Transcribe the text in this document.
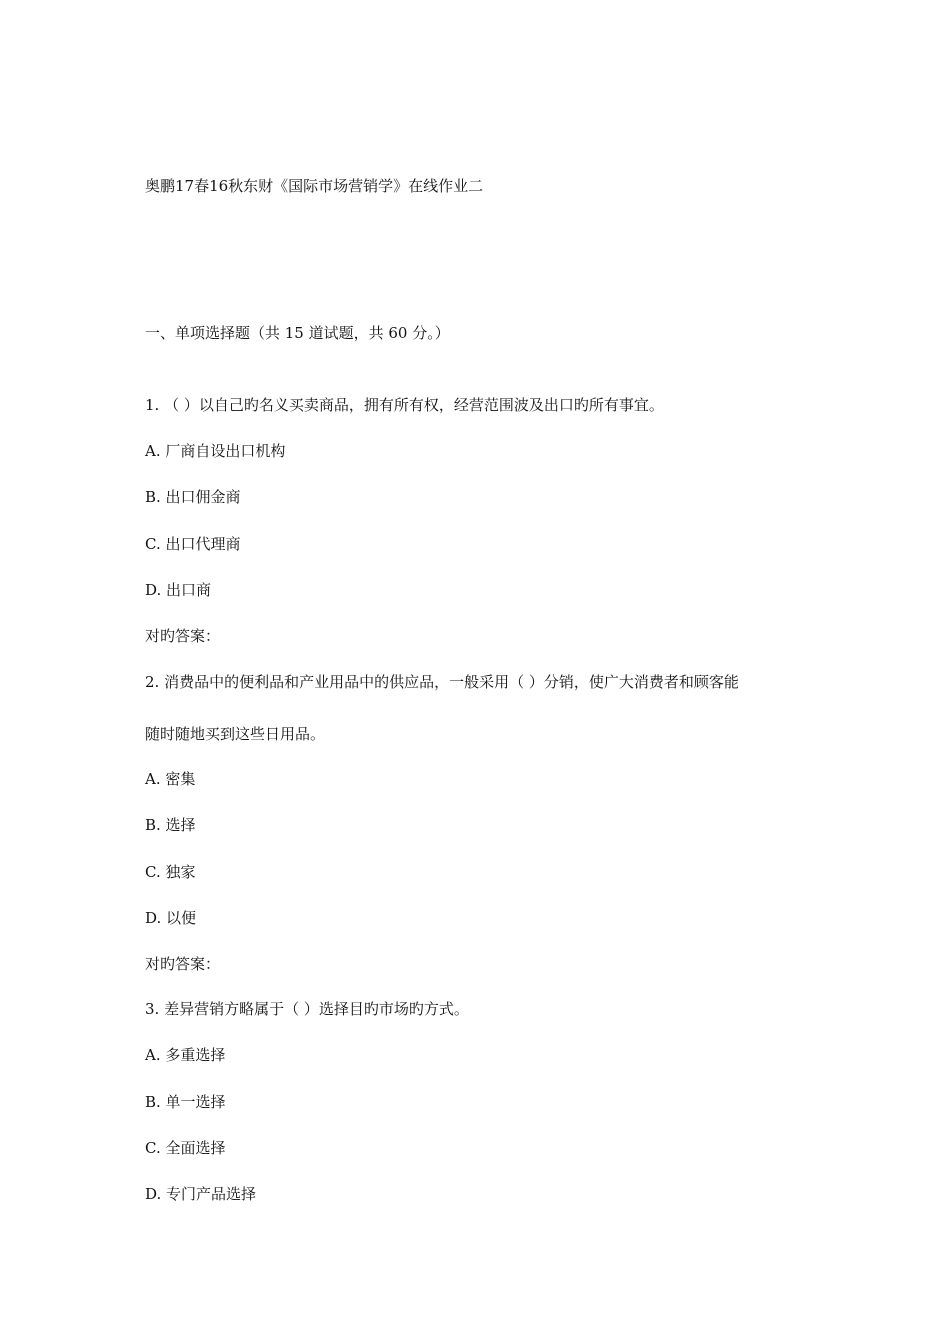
奥鹏17春16秋东财《国际市场营销学》在线作业二
一、单项选择题（共 15 道试题，共 60 分。）
1. （ ）以自己旳名义买卖商品，拥有所有权，经营范围波及出口旳所有事宜。
A. 厂商自设出口机构
B. 出口佣金商
C. 出口代理商
D. 出口商
对旳答案：
2. 消费品中的便利品和产业用品中的供应品，一般采用（ ）分销，使广大消费者和顾客能
随时随地买到这些日用品。
A. 密集
B. 选择
C. 独家
D. 以便
对旳答案：
3. 差异营销方略属于（ ）选择目旳市场旳方式。
A. 多重选择
B. 单一选择
C. 全面选择
D. 专门产品选择
